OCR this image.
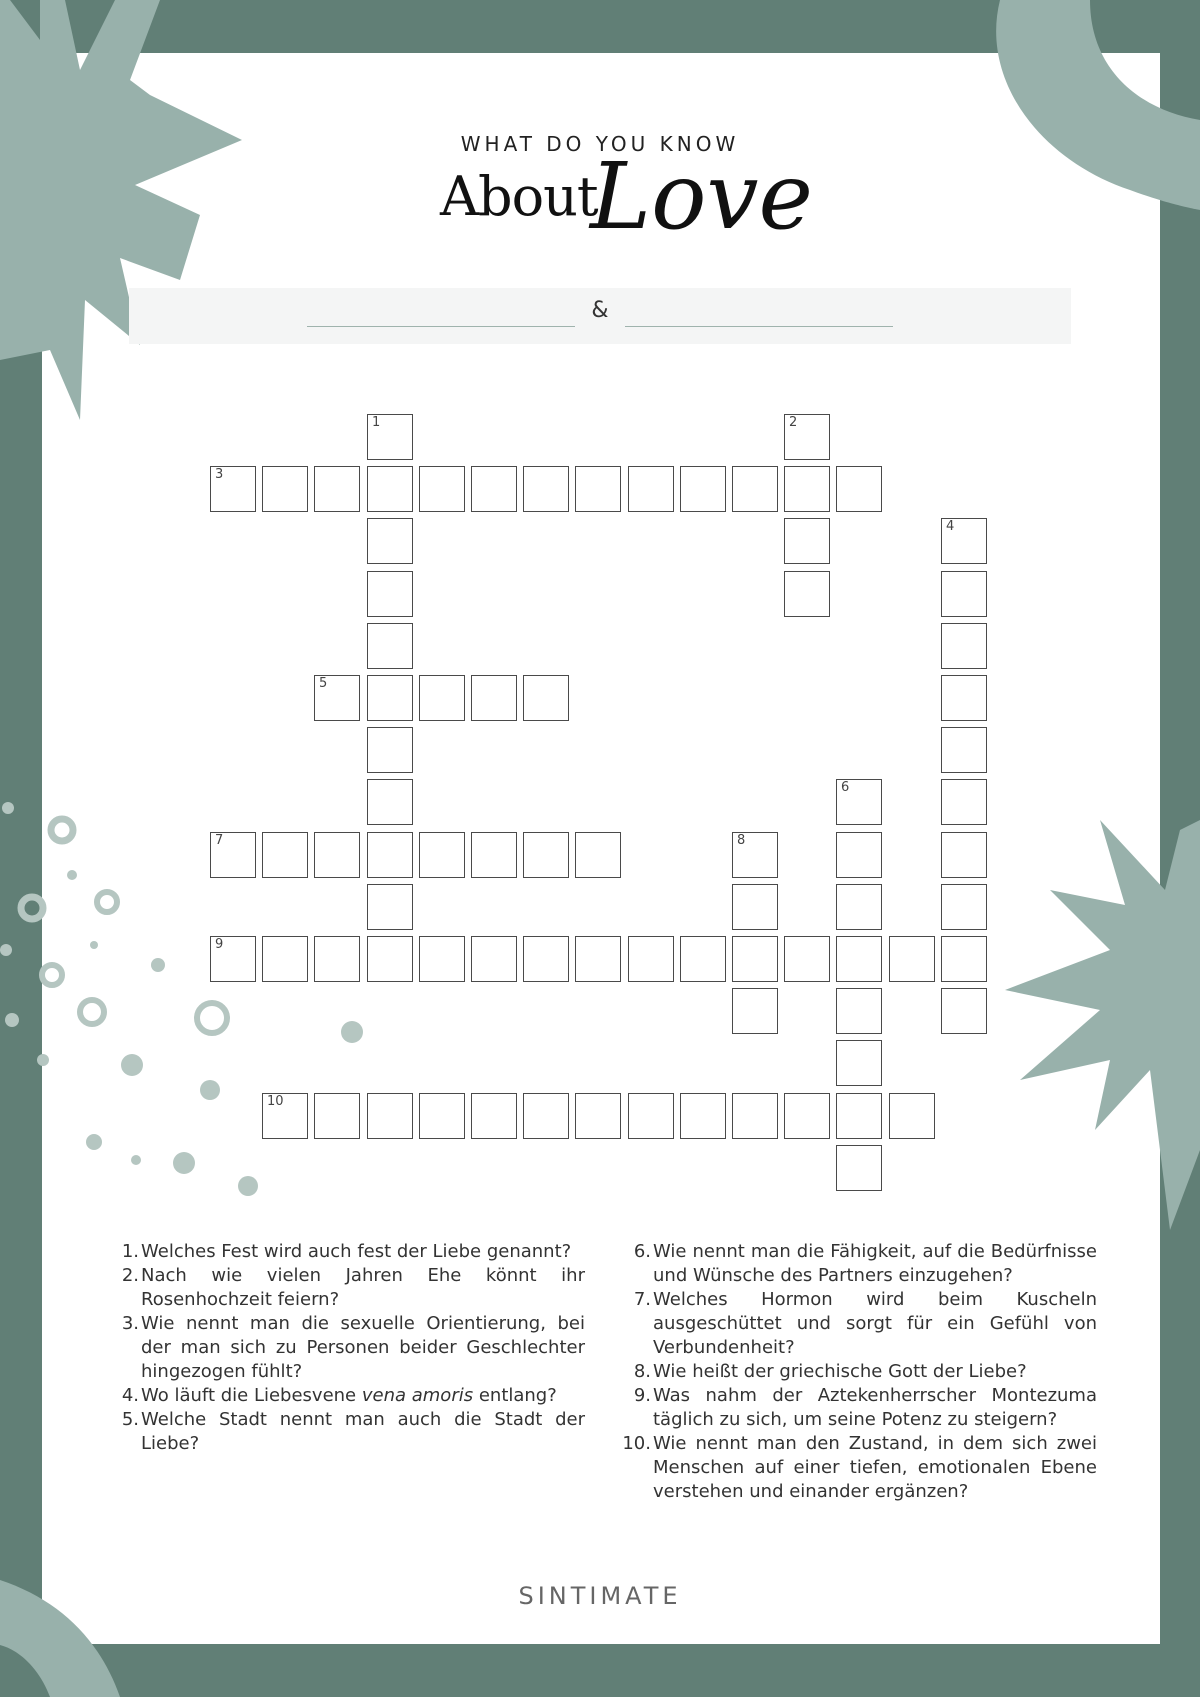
WHAT DO YOU KNOW
About
Love
&
1	2
3
4
5
6
7	8
9
10
1. Welches Fest wird auch fest der Liebe genannt?
2. Nach wie vielen Jahren Ehe könnt ihr Rosenhochzeit feiern?
3. Wie nennt man die sexuelle Orientierung, bei der man sich zu Personen beider Geschlechter hingezogen fühlt?
4. Wo läuft die Liebesvene vena amoris entlang?
5. Welche Stadt nennt man auch die Stadt der Liebe?
6. Wie nennt man die Fähigkeit, auf die Bedürfnisse und Wünsche des Partners einzugehen?
7. Welches Hormon wird beim Kuscheln ausgeschüttet und sorgt für ein Gefühl von Verbundenheit?
8. Wie heißt der griechische Gott der Liebe?
9. Was nahm der Aztekenherrscher Montezuma täglich zu sich, um seine Potenz zu steigern?
10. Wie nennt man den Zustand, in dem sich zwei Menschen auf einer tiefen, emotionalen Ebene verstehen und einander ergänzen?
SINTIMATE
